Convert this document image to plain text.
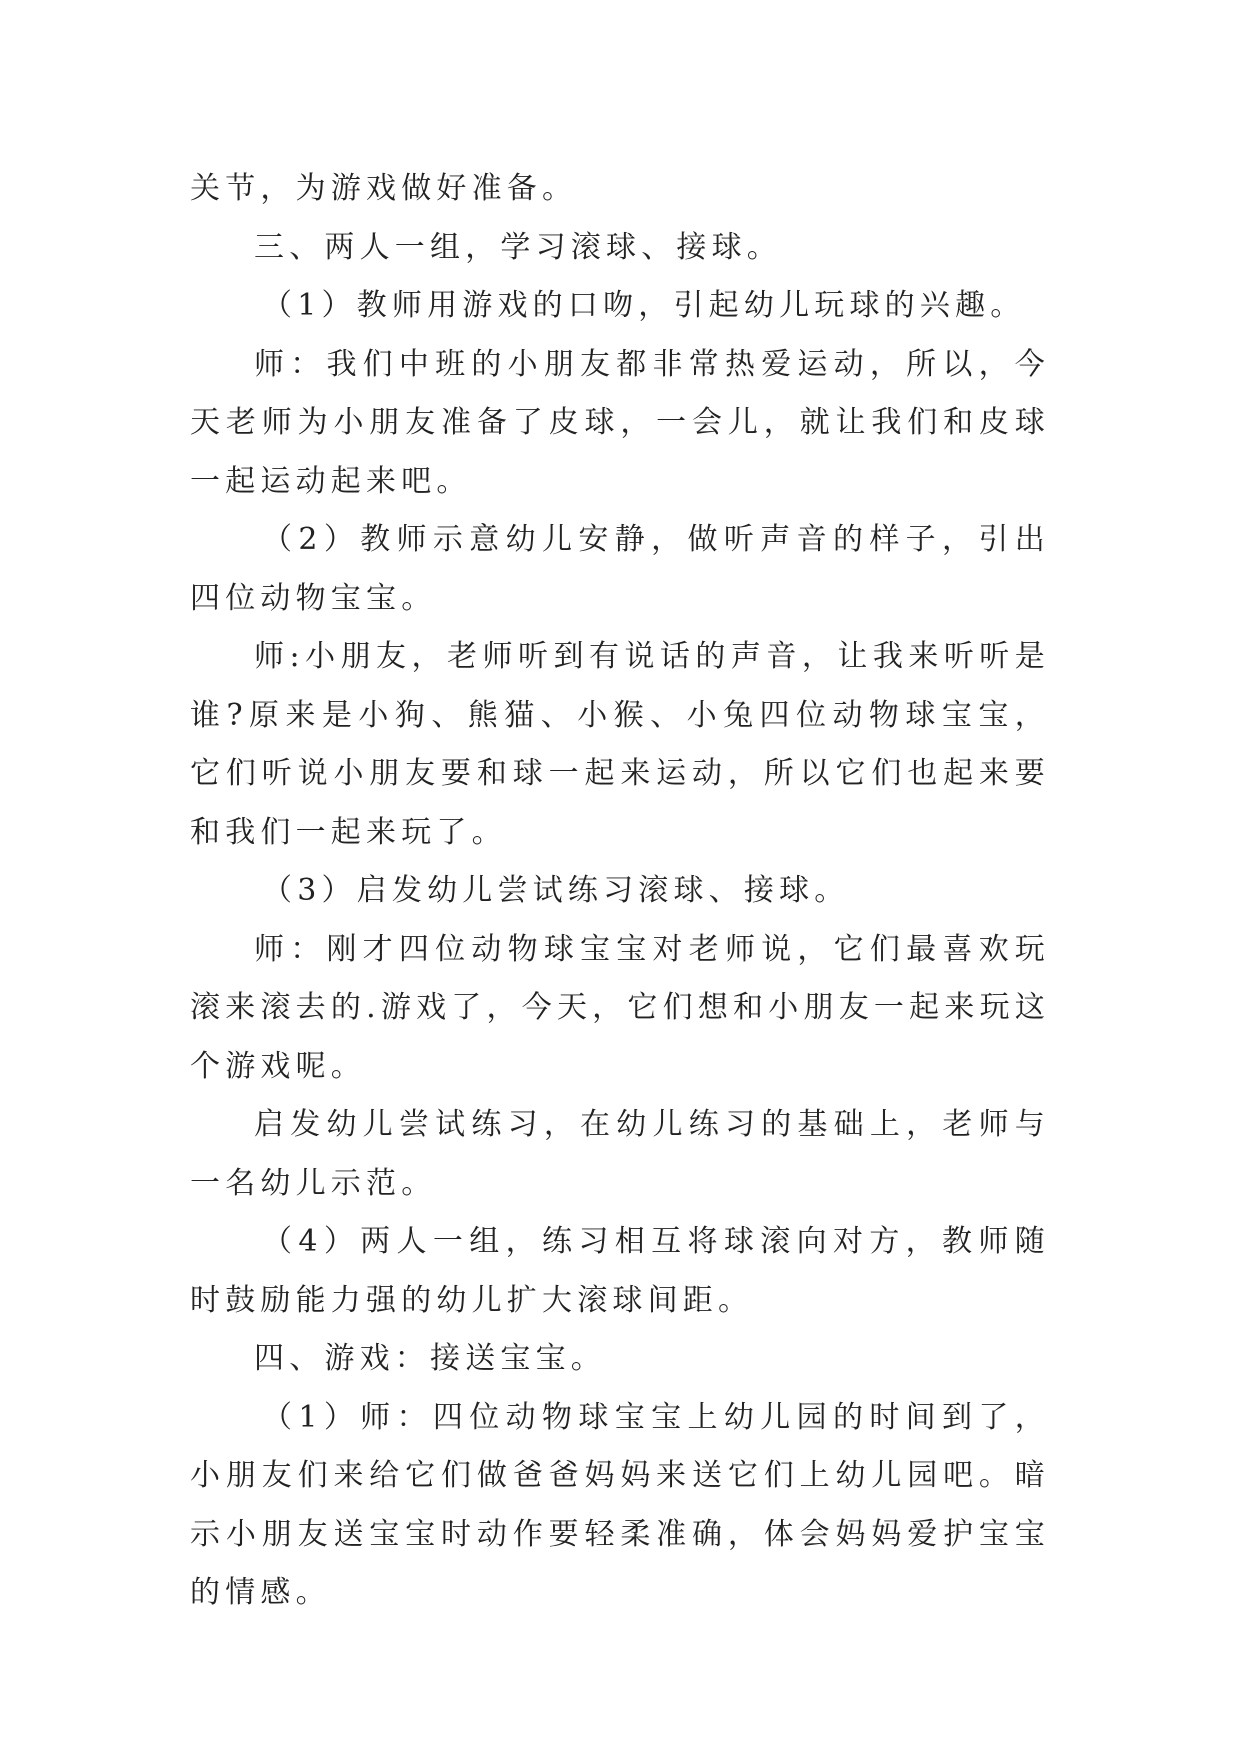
关节，为游戏做好准备。

三、两人一组，学习滚球、接球。

（1）教师用游戏的口吻，引起幼儿玩球的兴趣。

师：我们中班的小朋友都非常热爱运动，所以，今天老师为小朋友准备了皮球，一会儿，就让我们和皮球一起运动起来吧。

（2）教师示意幼儿安静，做听声音的样子，引出四位动物宝宝。

师:小朋友，老师听到有说话的声音，让我来听听是谁?原来是小狗、熊猫、小猴、小兔四位动物球宝宝，它们听说小朋友要和球一起来运动，所以它们也起来要和我们一起来玩了。

（3）启发幼儿尝试练习滚球、接球。

师：刚才四位动物球宝宝对老师说，它们最喜欢玩滚来滚去的.游戏了，今天，它们想和小朋友一起来玩这个游戏呢。

启发幼儿尝试练习，在幼儿练习的基础上，老师与一名幼儿示范。

（4）两人一组，练习相互将球滚向对方，教师随时鼓励能力强的幼儿扩大滚球间距。

四、游戏：接送宝宝。

（1）师：四位动物球宝宝上幼儿园的时间到了，小朋友们来给它们做爸爸妈妈来送它们上幼儿园吧。暗示小朋友送宝宝时动作要轻柔准确，体会妈妈爱护宝宝的情感。
